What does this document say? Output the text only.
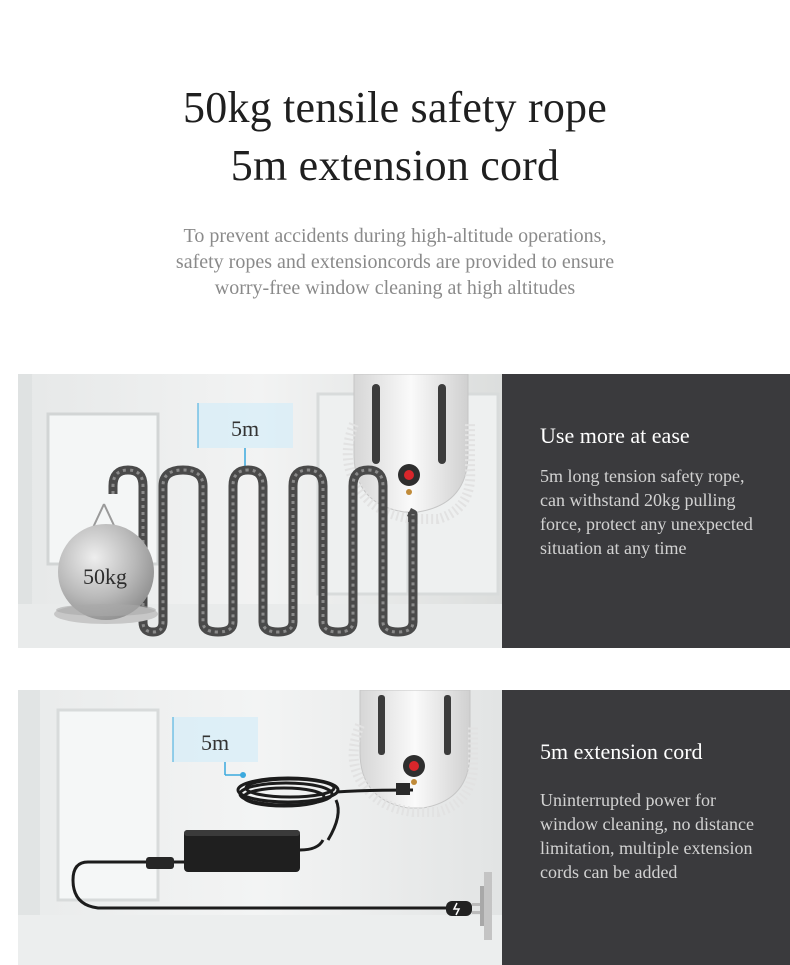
50kg tensile safety rope
5m extension cord
To prevent accidents during high-altitude operations,
safety ropes and extensioncords are provided to ensure
worry-free window cleaning at high altitudes
5m
50kg
Use more at ease

5m long tension safety rope, can withstand 20kg pulling force, protect any unexpected situation at any time

5m	5m extension cord

Uninterrupted power for window cleaning, no distance limitation, multiple extension cords can be added
